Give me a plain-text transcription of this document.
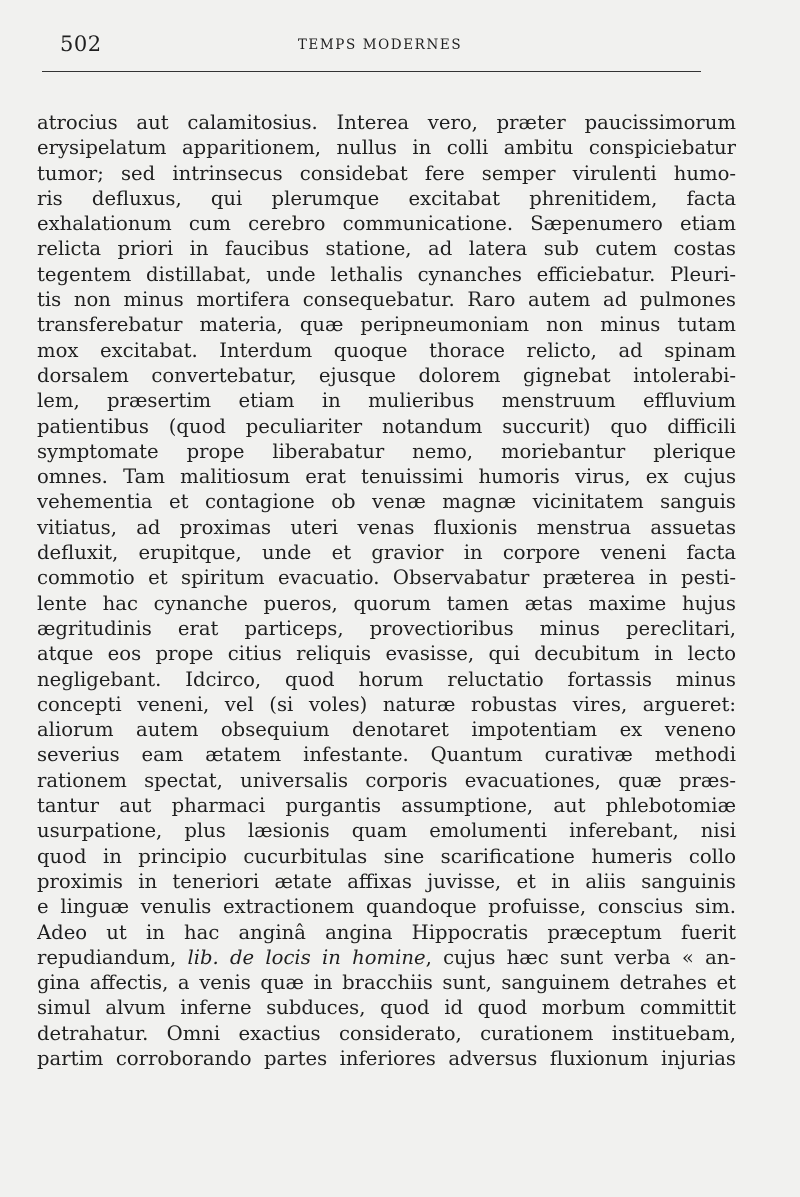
502	TEMPS MODERNES
atrocius aut calamitosius. Interea vero, præter paucissimorum
erysipelatum apparitionem, nullus in colli ambitu conspiciebatur
tumor; sed intrinsecus considebat fere semper virulenti humo-
ris defluxus, qui plerumque excitabat phrenitidem, facta
exhalationum cum cerebro communicatione. Sæpenumero etiam
relicta priori in faucibus statione, ad latera sub cutem costas
tegentem distillabat, unde lethalis cynanches efficiebatur. Pleuri-
tis non minus mortifera consequebatur. Raro autem ad pulmones
transferebatur materia, quæ peripneumoniam non minus tutam
mox excitabat. Interdum quoque thorace relicto, ad spinam
dorsalem convertebatur, ejusque dolorem gignebat intolerabi-
lem, præsertim etiam in mulieribus menstruum effluvium
patientibus (quod peculiariter notandum succurit) quo difficili
symptomate prope liberabatur nemo, moriebantur plerique
omnes. Tam malitiosum erat tenuissimi humoris virus, ex cujus
vehementia et contagione ob venæ magnæ vicinitatem sanguis
vitiatus, ad proximas uteri venas fluxionis menstrua assuetas
defluxit, erupitque, unde et gravior in corpore veneni facta
commotio et spiritum evacuatio. Observabatur præterea in pesti-
lente hac cynanche pueros, quorum tamen ætas maxime hujus
ægritudinis erat particeps, provectioribus minus pereclitari,
atque eos prope citius reliquis evasisse, qui decubitum in lecto
negligebant. Idcirco, quod horum reluctatio fortassis minus
concepti veneni, vel (si voles) naturæ robustas vires, argueret:
aliorum autem obsequium denotaret impotentiam ex veneno
severius eam ætatem infestante. Quantum curativæ methodi
rationem spectat, universalis corporis evacuationes, quæ præs-
tantur aut pharmaci purgantis assumptione, aut phlebotomiæ
usurpatione, plus læsionis quam emolumenti inferebant, nisi
quod in principio cucurbitulas sine scarificatione humeris collo
proximis in teneriori ætate affixas juvisse, et in aliis sanguinis
e linguæ venulis extractionem quandoque profuisse, conscius sim.
Adeo ut in hac anginâ angina Hippocratis præceptum fuerit
repudiandum, lib. de locis in homine, cujus hæc sunt verba « an-
gina affectis, a venis quæ in bracchiis sunt, sanguinem detrahes et
simul alvum inferne subduces, quod id quod morbum committit
detrahatur. Omni exactius considerato, curationem instituebam,
partim corroborando partes inferiores adversus fluxionum injurias
